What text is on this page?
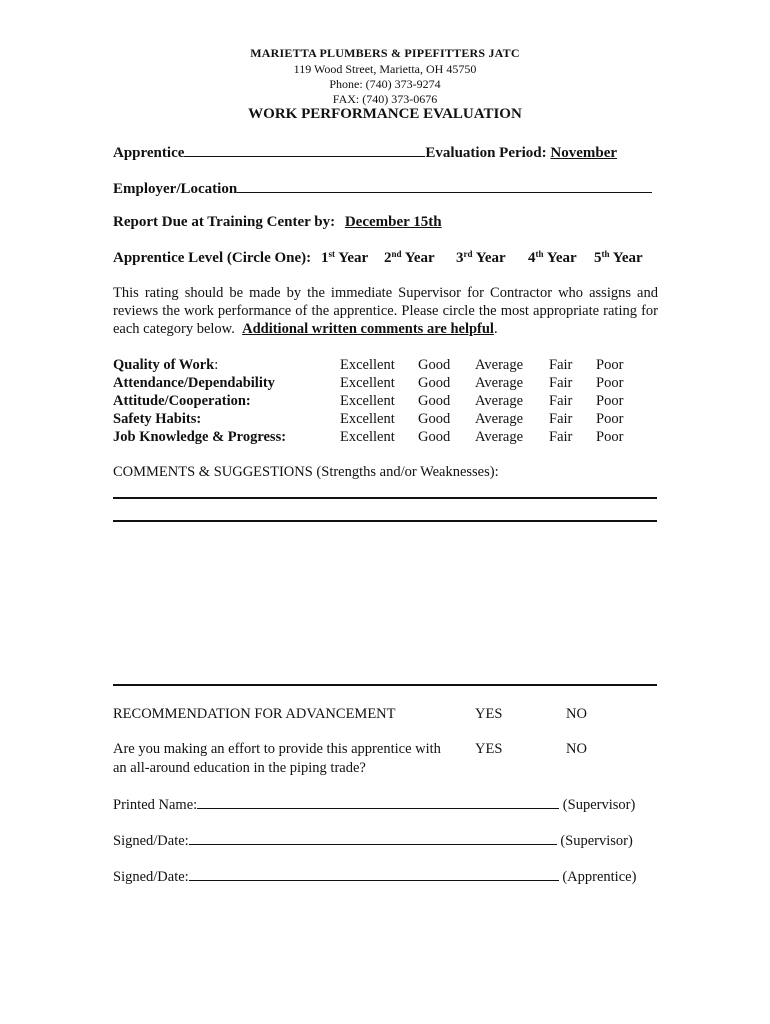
MARIETTA PLUMBERS & PIPEFITTERS JATC
119 Wood Street, Marietta, OH 45750
Phone: (740) 373-9274
FAX: (740) 373-0676
WORK PERFORMANCE EVALUATION
Apprentice	Evaluation Period: November
Employer/Location
Report Due at Training Center by: December 15th
Apprentice Level (Circle One): 1st Year 2nd Year 3rd Year 4th Year 5th Year
This rating should be made by the immediate Supervisor for Contractor who assigns and reviews the work performance of the apprentice. Please circle the most appropriate rating for each category below. Additional written comments are helpful.
Quality of Work:	Excellent Good Average Fair Poor
Attendance/Dependability	Excellent Good Average Fair Poor
Attitude/Cooperation:	Excellent Good Average Fair Poor
Safety Habits:	Excellent Good Average Fair Poor
Job Knowledge & Progress:	Excellent Good Average Fair Poor
COMMENTS & SUGGESTIONS (Strengths and/or Weaknesses):
RECOMMENDATION FOR ADVANCEMENT	YES	NO
Are you making an effort to provide this apprentice with
an all-around education in the piping trade?
YES	NO
Printed Name:	(Supervisor)
Signed/Date:	(Supervisor)
Signed/Date:	(Apprentice)
